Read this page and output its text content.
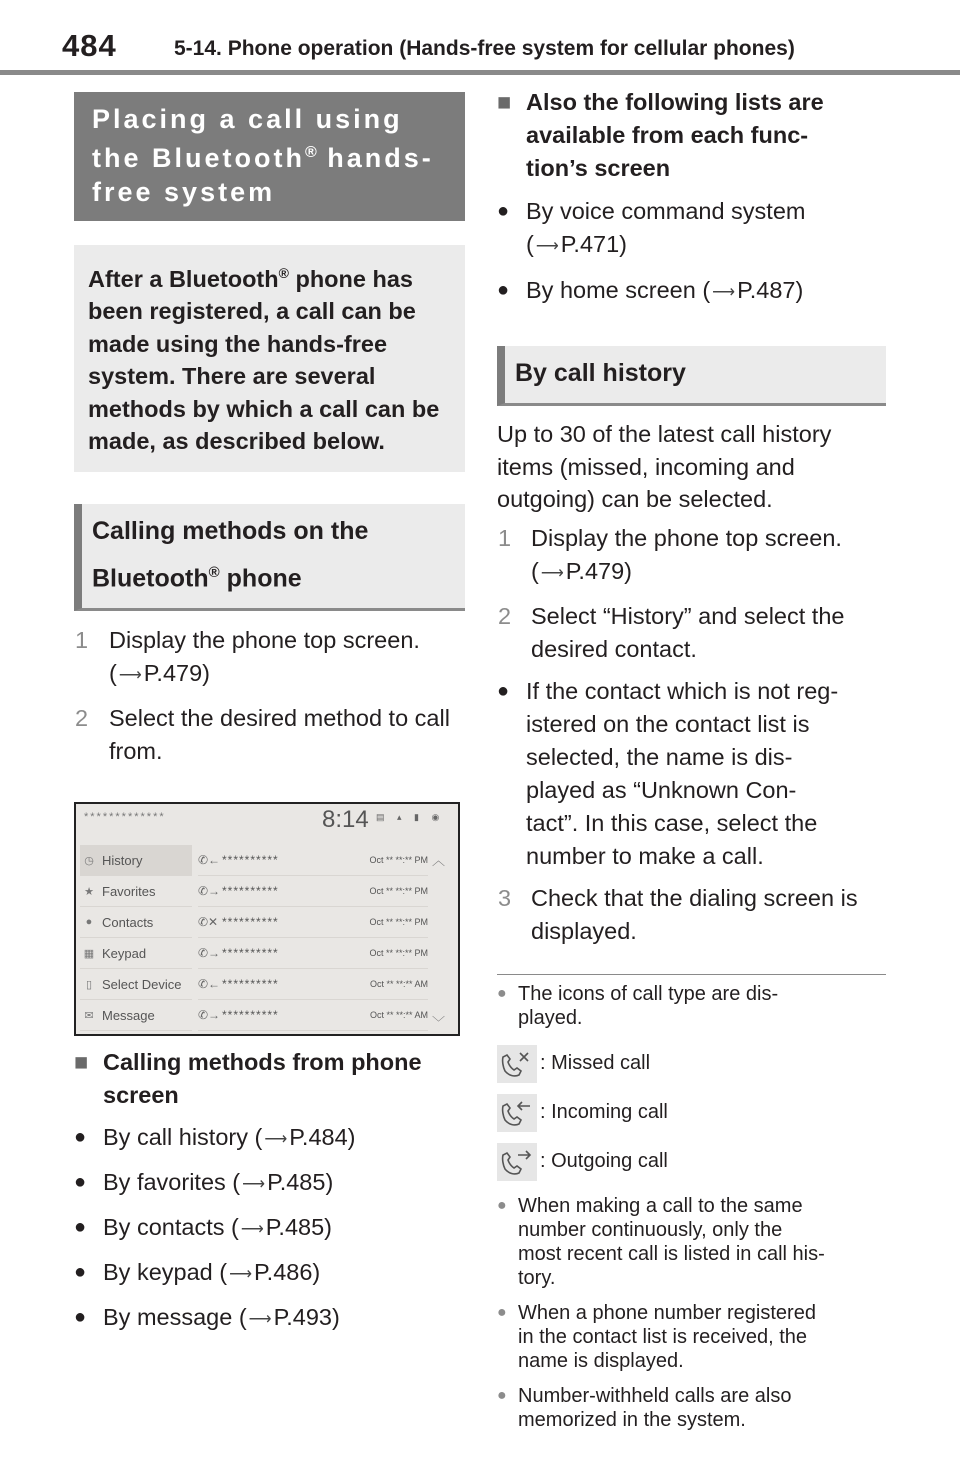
484	5-14. Phone operation (Hands-free system for cellular phones)
Placing a call using the Bluetooth® hands-free system
After a Bluetooth® phone has been registered, a call can be made using the hands-free system. There are several methods by which a call can be made, as described below.
Calling methods on the Bluetooth® phone
1 Display the phone top screen. ( ⟶P.479)
2 Select the desired method to call from.
*************	8:14 ▤ ▴ ▮ ◉
◷ History
★ Favorites
● Contacts
▦ Keypad
▯ Select Device
✉ Message
✆← **********	Oct ** **:** PM
✆→ **********	Oct ** **:** PM
✆✕ **********	Oct ** **:** PM
✆→ **********	Oct ** **:** PM
✆← **********	Oct ** **:** AM
✆→ **********	Oct ** **:** AM
︿
﹀
■ Calling methods from phone screen
● By call history ( ⟶P.484)
● By favorites ( ⟶P.485)
● By contacts ( ⟶P.485)
● By keypad ( ⟶P.486)
● By message ( ⟶P.493)
■ Also the following lists are
available from each func-
tion’s screen
● By voice command system ( ⟶P.471)
● By home screen ( ⟶P.487)
By call history
Up to 30 of the latest call history items (missed, incoming and outgoing) can be selected.
1 Display the phone top screen. ( ⟶P.479)
2 Select “History” and select the desired contact.
● If the contact which is not reg-
istered on the contact list is
selected, the name is dis-
played as “Unknown Con-
tact”. In this case, select the
number to make a call.
3 Check that the dialing screen is displayed.
● The icons of call type are dis-
played.
: Missed call
: Incoming call
: Outgoing call
● When making a call to the same
number continuously, only the
most recent call is listed in call his-
tory.
● When a phone number registered
in the contact list is received, the
name is displayed.
● Number-withheld calls are also
memorized in the system.
